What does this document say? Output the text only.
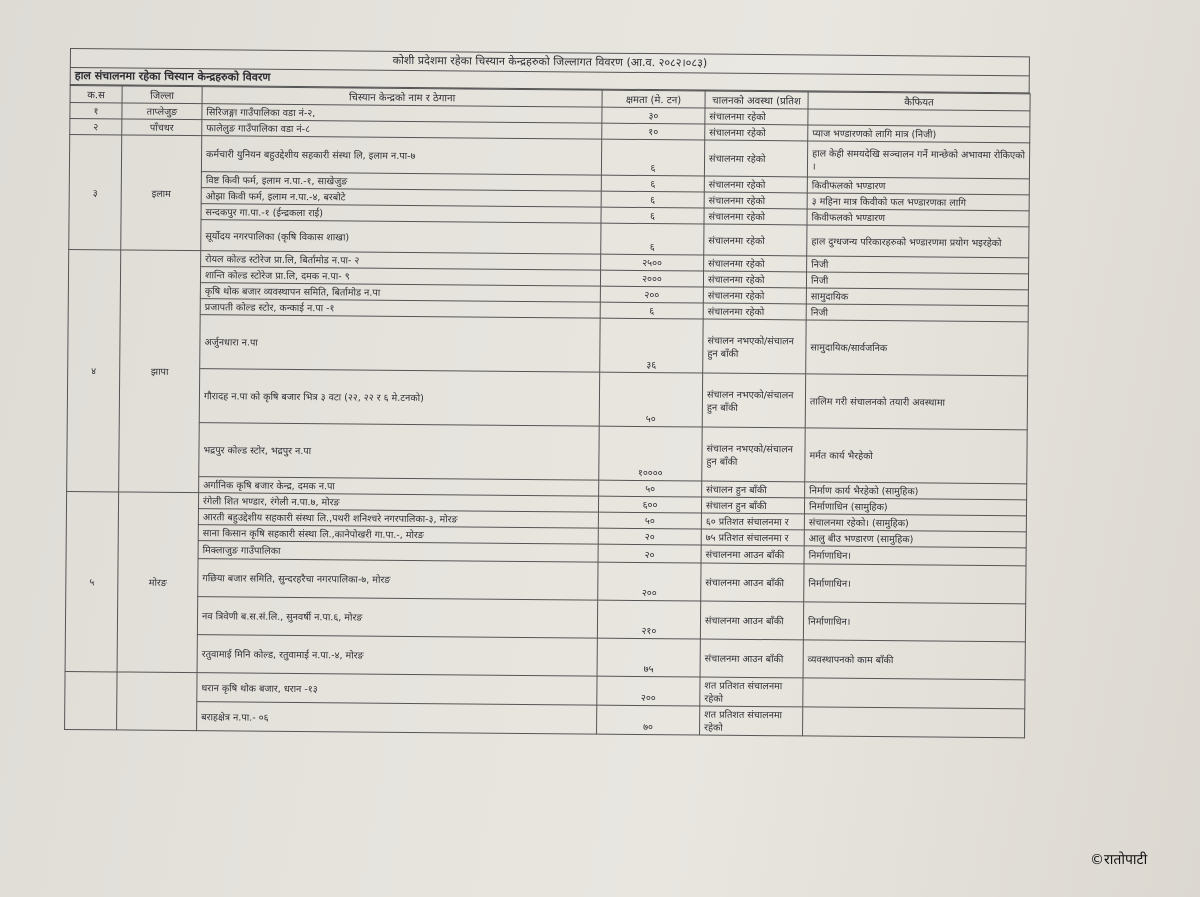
कोशी प्रदेशमा रहेका चिस्यान केन्द्रहरुको जिल्लागत विवरण (आ.व. २०८२।०८३)
हाल संचालनमा रहेका चिस्यान केन्द्रहरुको विवरण
क.स	जिल्ला	चिस्यान केन्द्रको नाम र ठेगाना	क्षमता (मे. टन)	चालनको अवस्था (प्रतिश	कैफियत
१	ताप्लेजुङ	सिरिजङ्गा गाउँपालिका वडा नं-२,	३०	संचालनमा रहेको	
२	पाँचथर	फालेलुङ गाउँपालिका वडा नं-८	१०	संचालनमा रहेको	प्याज भण्डारणको लागि मात्र (निजी)
३	इलाम	कर्मचारी युनियन बहुउद्देशीय सहकारी संस्था लि, इलाम न.पा-७	६	संचालनमा रहेको	हाल केही समयदेखि सञ्चालन गर्ने मान्छेको अभावमा रोकिएको ।
		विष्ट किवी फर्म, इलाम न.पा.-१, साखेजुङ	६	संचालनमा रहेको	किवीफलको भण्डारण
		ओझा किवी फर्म, इलाम न.पा.-४, बरबोटे	६	संचालनमा रहेको	३ महिना मात्र किवीको फल भण्डारणका लागि
		सन्दकपुर गा.पा.-१ (ईन्द्रकला राई)	६	संचालनमा रहेको	किवीफलको भण्डारण
		सूर्योदय नगरपालिका (कृषि विकास शाखा)	६	संचालनमा रहेको	हाल दुग्धजन्य परिकारहरुको भण्डारणमा प्रयोग भइरहेको
४	झापा	रोयल कोल्ड स्टोरेज प्रा.लि, बिर्तामोड न.पा- २	२५००	संचालनमा रहेको	निजी
		शान्ति कोल्ड स्टोरेज प्रा.लि, दमक न.पा- ९	२०००	संचालनमा रहेको	निजी
		कृषि थोक बजार व्यवस्थापन समिति, बिर्तामोड न.पा	२००	संचालनमा रहेको	सामुदायिक
		प्रजापती कोल्ड स्टोर, कन्काई न.पा -१	६	संचालनमा रहेको	निजी
		अर्जुनधारा न.पा	३६	संचालन नभएको/संचालन हुन बाँकी	सामुदायिक/सार्वजनिक
		गौरादह न.पा को कृषि बजार भित्र ३ वटा (२२, २२ र ६ मे.टनको)	५०	संचालन नभएको/संचालन हुन बाँकी	तालिम गरी संचालनको तयारी अवस्थामा
		भद्रपुर कोल्ड स्टोर, भद्रपुर न.पा	१००००	संचालन नभएको/संचालन हुन बाँकी	मर्मत कार्य भैरहेको
		अर्गानिक कृषि बजार केन्द्र, दमक न.पा	५०	संचालन हुन बाँकी	निर्माण कार्य भैरहेको (सामुहिक)
५	मोरङ	रंगेली शित भण्डार, रंगेली न.पा.७, मोरङ	६००	संचालन हुन बाँकी	निर्माणाधिन (सामुहिक)
		आरती बहुउद्देशीय सहकारी संस्था लि.,पथरी शनिश्चरे नगरपालिका-३, मोरङ	५०	६० प्रतिशत संचालनमा र	संचालनमा रहेको। (सामुहिक)
		साना किसान कृषि सहकारी संस्था लि.,कानेपोखरी गा.पा.-, मोरङ	२०	७५ प्रतिशत संचालनमा र	आलु बीउ भण्डारण (सामुहिक)
		मिक्लाजुङ गाउँपालिका	२०	संचालनमा आउन बाँकी	निर्माणाधिन।
		गछिया बजार समिति, सुन्दरहरैचा नगरपालिका-७, मोरङ	२००	संचालनमा आउन बाँकी	निर्माणाधिन।
		नव त्रिवेणी ब.स.सं.लि., सुनवर्षी न.पा.६, मोरङ	२१०	संचालनमा आउन बाँकी	निर्माणाधिन।
		रतुवामाई मिनि कोल्ड, रतुवामाई न.पा.-४, मोरङ	७५	संचालनमा आउन बाँकी	व्यवस्थापनको काम बाँकी
		धरान कृषि थोक बजार, धरान -१३	२००	शत प्रतिशत संचालनमा रहेको	
		बराहक्षेत्र न.पा.- ०६	७०	शत प्रतिशत संचालनमा रहेको	
©रातोपाटी
